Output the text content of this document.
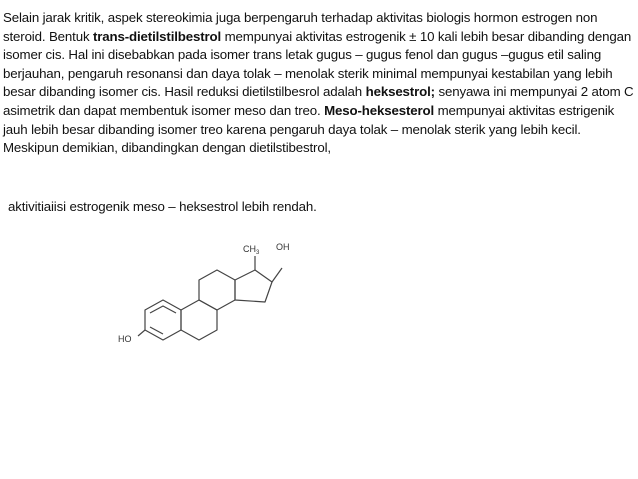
Selain jarak kritik, aspek stereokimia juga berpengaruh terhadap aktivitas biologis hormon estrogen non steroid. Bentuk trans-dietilstilbestrol mempunyai aktivitas estrogenik ± 10 kali lebih besar dibanding dengan isomer cis. Hal ini disebabkan pada isomer trans letak gugus – gugus fenol dan gugus –gugus etil saling berjauhan, pengaruh resonansi dan daya tolak – menolak sterik minimal mempunyai kestabilan yang lebih besar dibanding isomer cis. Hasil reduksi dietilstilbesrol adalah heksestrol; senyawa ini mempunyai 2 atom C asimetrik dan dapat membentuk isomer meso dan treo. Meso-heksesterol mempunyai aktivitas estrigenik jauh lebih besar dibanding isomer treo karena pengaruh daya tolak – menolak sterik yang lebih kecil. Meskipun demikian, dibandingkan dengan dietilstibestrol,
aktivitiaiisi estrogenik meso – heksestrol lebih rendah.
$CH_3$
OH
HO
